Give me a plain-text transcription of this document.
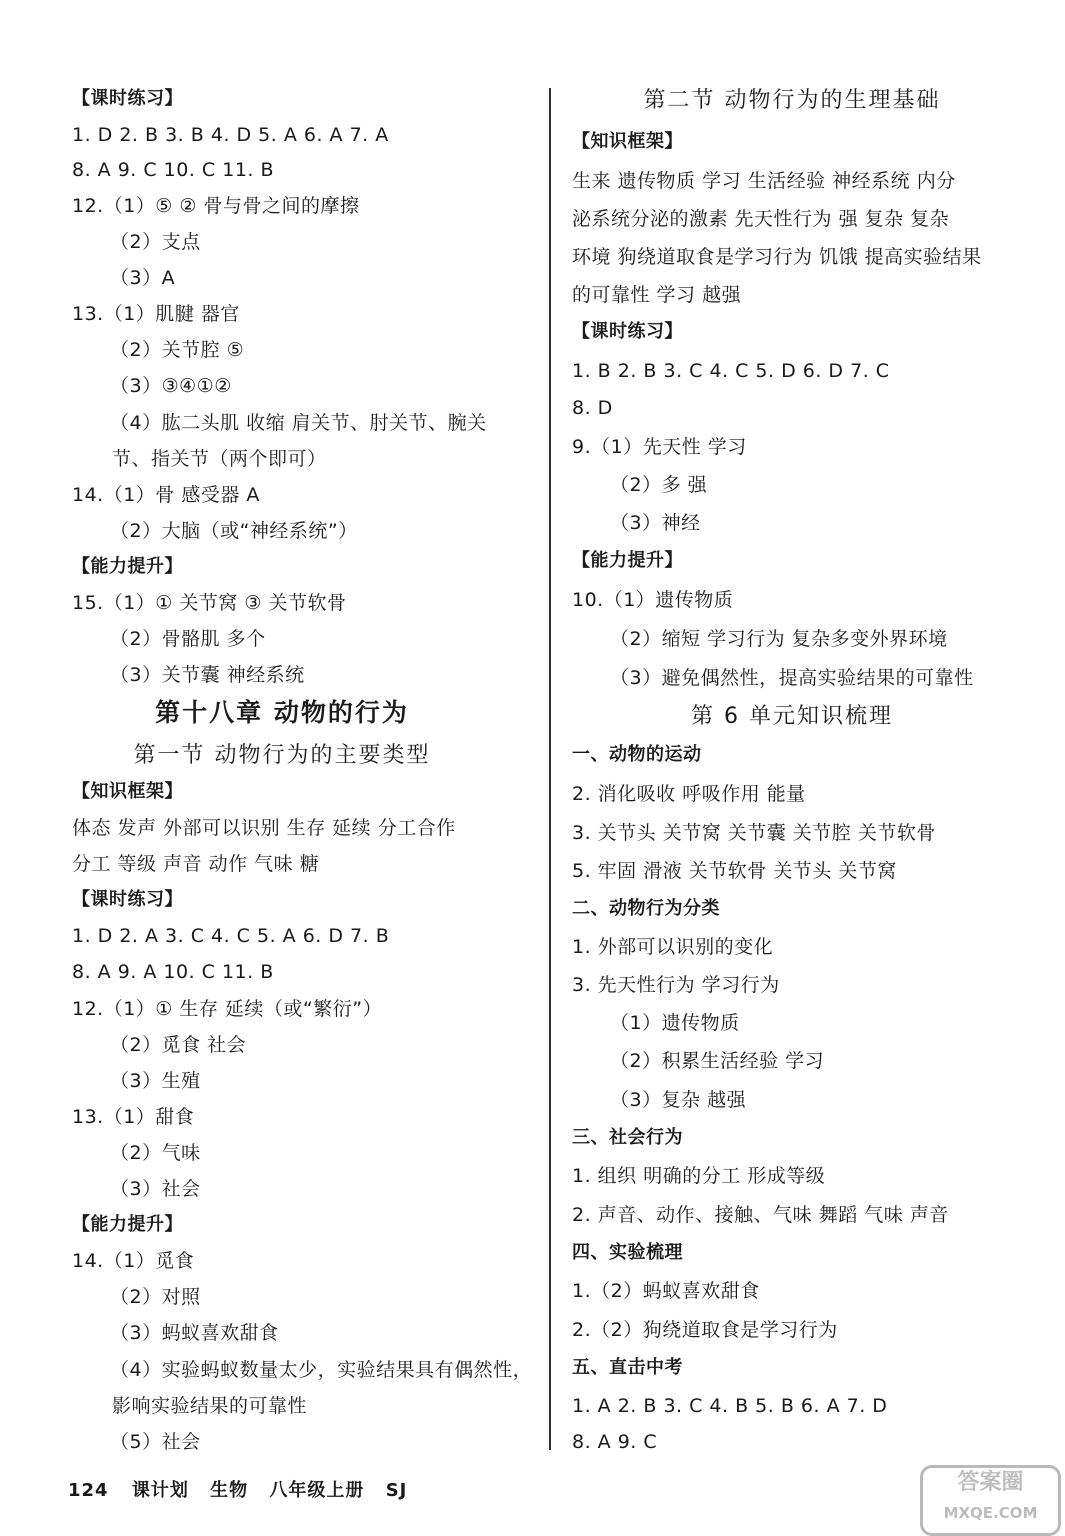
【课时练习】
1. D 2. B 3. B 4. D 5. A 6. A 7. A
8. A 9. C 10. C 11. B
12.（1）⑤ ② 骨与骨之间的摩擦
（2）支点
（3）A
13.（1）肌腱 器官
（2）关节腔 ⑤
（3）③④①②
（4）肱二头肌 收缩 肩关节、肘关节、腕关
节、指关节（两个即可）
14.（1）骨 感受器 A
（2）大脑（或“神经系统”）
【能力提升】
15.（1）① 关节窝 ③ 关节软骨
（2）骨骼肌 多个
（3）关节囊 神经系统
第十八章 动物的行为
第一节 动物行为的主要类型
【知识框架】
体态 发声 外部可以识别 生存 延续 分工合作
分工 等级 声音 动作 气味 糖
【课时练习】
1. D 2. A 3. C 4. C 5. A 6. D 7. B
8. A 9. A 10. C 11. B
12.（1）① 生存 延续（或“繁衍”）
（2）觅食 社会
（3）生殖
13.（1）甜食
（2）气味
（3）社会
【能力提升】
14.（1）觅食
（2）对照
（3）蚂蚁喜欢甜食
（4）实验蚂蚁数量太少，实验结果具有偶然性，
影响实验结果的可靠性
（5）社会
第二节 动物行为的生理基础
【知识框架】
生来 遗传物质 学习 生活经验 神经系统 内分
泌系统分泌的激素 先天性行为 强 复杂 复杂
环境 狗绕道取食是学习行为 饥饿 提高实验结果
的可靠性 学习 越强
【课时练习】
1. B 2. B 3. C 4. C 5. D 6. D 7. C
8. D
9.（1）先天性 学习
（2）多 强
（3）神经
【能力提升】
10.（1）遗传物质
（2）缩短 学习行为 复杂多变外界环境
（3）避免偶然性，提高实验结果的可靠性
第 6 单元知识梳理
一、动物的运动
2. 消化吸收 呼吸作用 能量
3. 关节头 关节窝 关节囊 关节腔 关节软骨
5. 牢固 滑液 关节软骨 关节头 关节窝
二、动物行为分类
1. 外部可以识别的变化
3. 先天性行为 学习行为
（1）遗传物质
（2）积累生活经验 学习
（3）复杂 越强
三、社会行为
1. 组织 明确的分工 形成等级
2. 声音、动作、接触、气味 舞蹈 气味 声音
四、实验梳理
1.（2）蚂蚁喜欢甜食
2.（2）狗绕道取食是学习行为
五、直击中考
1. A 2. B 3. C 4. B 5. B 6. A 7. D
8. A 9. C
124 课计划 生物 八年级上册 SJ	答案圈
MXQE.COM
